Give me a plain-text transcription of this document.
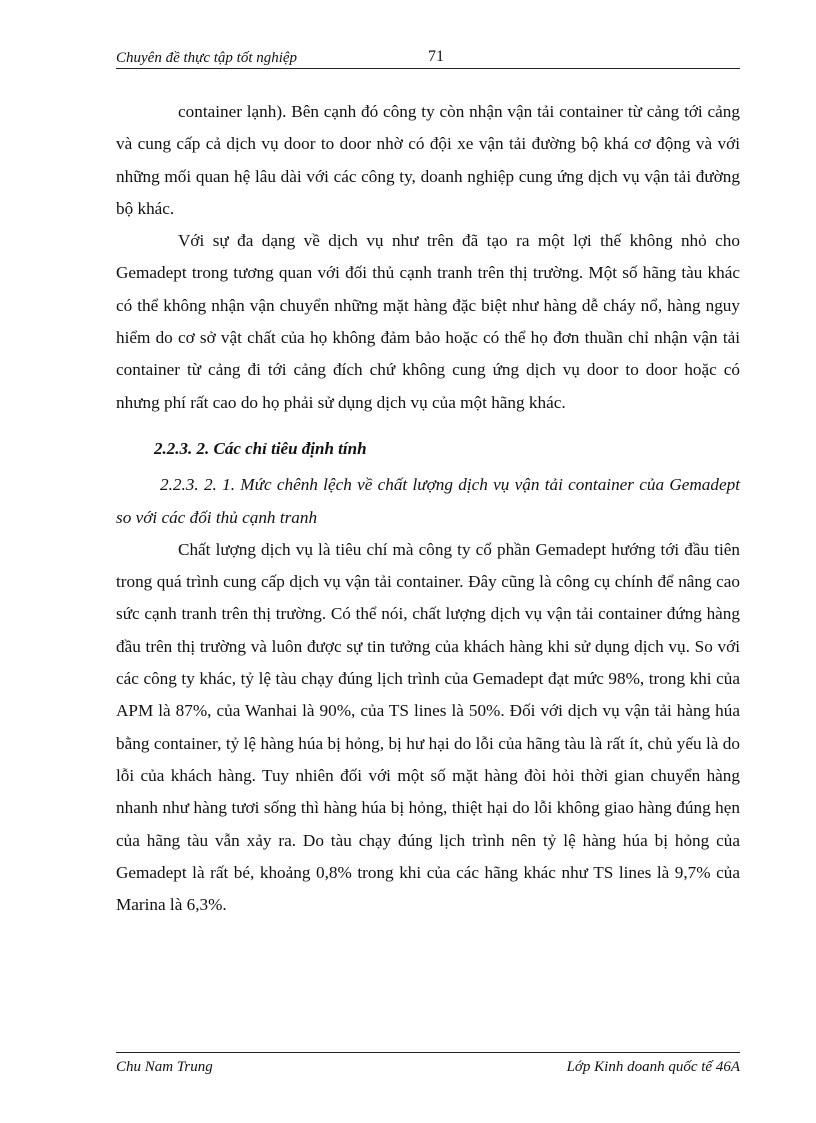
Chuyên đề thực tập tốt nghiệp	71

container lạnh). Bên cạnh đó công ty còn nhận vận tải container từ cảng tới cảng và cung cấp cả dịch vụ door to door nhờ có đội xe vận tải đường bộ khá cơ động và với những mối quan hệ lâu dài với các công ty, doanh nghiệp cung ứng dịch vụ vận tải đường bộ khác.

Với sự đa dạng về dịch vụ như trên đã tạo ra một lợi thế không nhỏ cho Gemadept trong tương quan với đối thủ cạnh tranh trên thị trường. Một số hãng tàu khác có thể không nhận vận chuyển những mặt hàng đặc biệt như hàng dễ cháy nổ, hàng nguy hiểm do cơ sở vật chất của họ không đảm bảo hoặc có thể họ đơn thuần chỉ nhận vận tải container từ cảng đi tới cảng đích chứ không cung ứng dịch vụ door to door hoặc có nhưng phí rất cao do họ phải sử dụng dịch vụ của một hãng khác.

2.2.3. 2. Các chỉ tiêu định tính

2.2.3. 2. 1. Mức chênh lệch về chất lượng dịch vụ vận tải container của Gemadept so với các đối thủ cạnh tranh

Chất lượng dịch vụ là tiêu chí mà công ty cổ phần Gemadept hướng tới đầu tiên trong quá trình cung cấp dịch vụ vận tải container. Đây cũng là công cụ chính để nâng cao sức cạnh tranh trên thị trường. Có thể nói, chất lượng dịch vụ vận tải container đứng hàng đầu trên thị trường và luôn được sự tin tưởng của khách hàng khi sử dụng dịch vụ. So với các công ty khác, tỷ lệ tàu chạy đúng lịch trình của Gemadept đạt mức 98%, trong khi của APM là 87%, của Wanhai là 90%, của TS lines là 50%. Đối với dịch vụ vận tải hàng húa bằng container, tỷ lệ hàng húa bị hỏng, bị hư hại do lỗi của hãng tàu là rất ít, chủ yếu là do lỗi của khách hàng. Tuy nhiên đối với một số mặt hàng đòi hỏi thời gian chuyển hàng nhanh như hàng tươi sống thì hàng húa bị hỏng, thiệt hại do lỗi không giao hàng đúng hẹn của hãng tàu vẫn xảy ra. Do tàu chạy đúng lịch trình nên tỷ lệ hàng húa bị hỏng của Gemadept là rất bé, khoảng 0,8% trong khi của các hãng khác như TS lines là 9,7% của Marina là 6,3%.

Chu Nam Trung	Lớp Kinh doanh quốc tế 46A
